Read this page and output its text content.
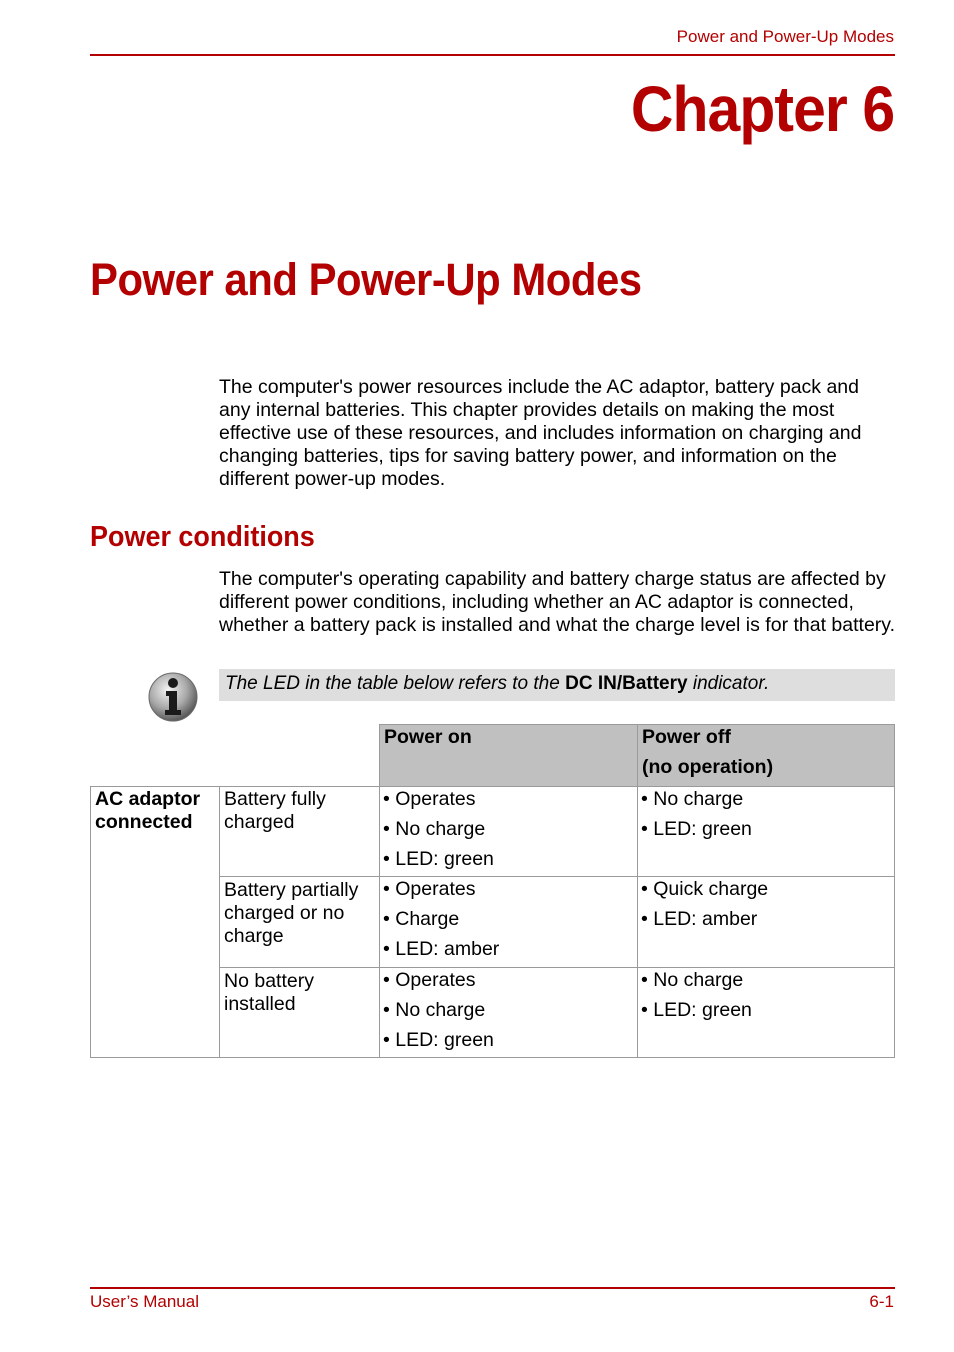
Power and Power-Up Modes
Chapter 6
Power and Power-Up Modes
The computer's power resources include the AC adaptor, battery pack and any internal batteries. This chapter provides details on making the most effective use of these resources, and includes information on charging and changing batteries, tips for saving battery power, and information on the different power-up modes.
Power conditions
The computer's operating capability and battery charge status are affected by different power conditions, including whether an AC adaptor is connected, whether a battery pack is installed and what the charge level is for that battery.
The LED in the table below refers to the DC IN/Battery indicator.
Power on	Power off
(no operation)
AC adaptor connected
Battery fully charged
• Operates
• No charge
• LED: green
• No charge
• LED: green
Battery partially charged or no charge
• Operates
• Charge
• LED: amber
• Quick charge
• LED: amber
No battery installed
• Operates
• No charge
• LED: green
• No charge
• LED: green
User’s Manual	6-1
